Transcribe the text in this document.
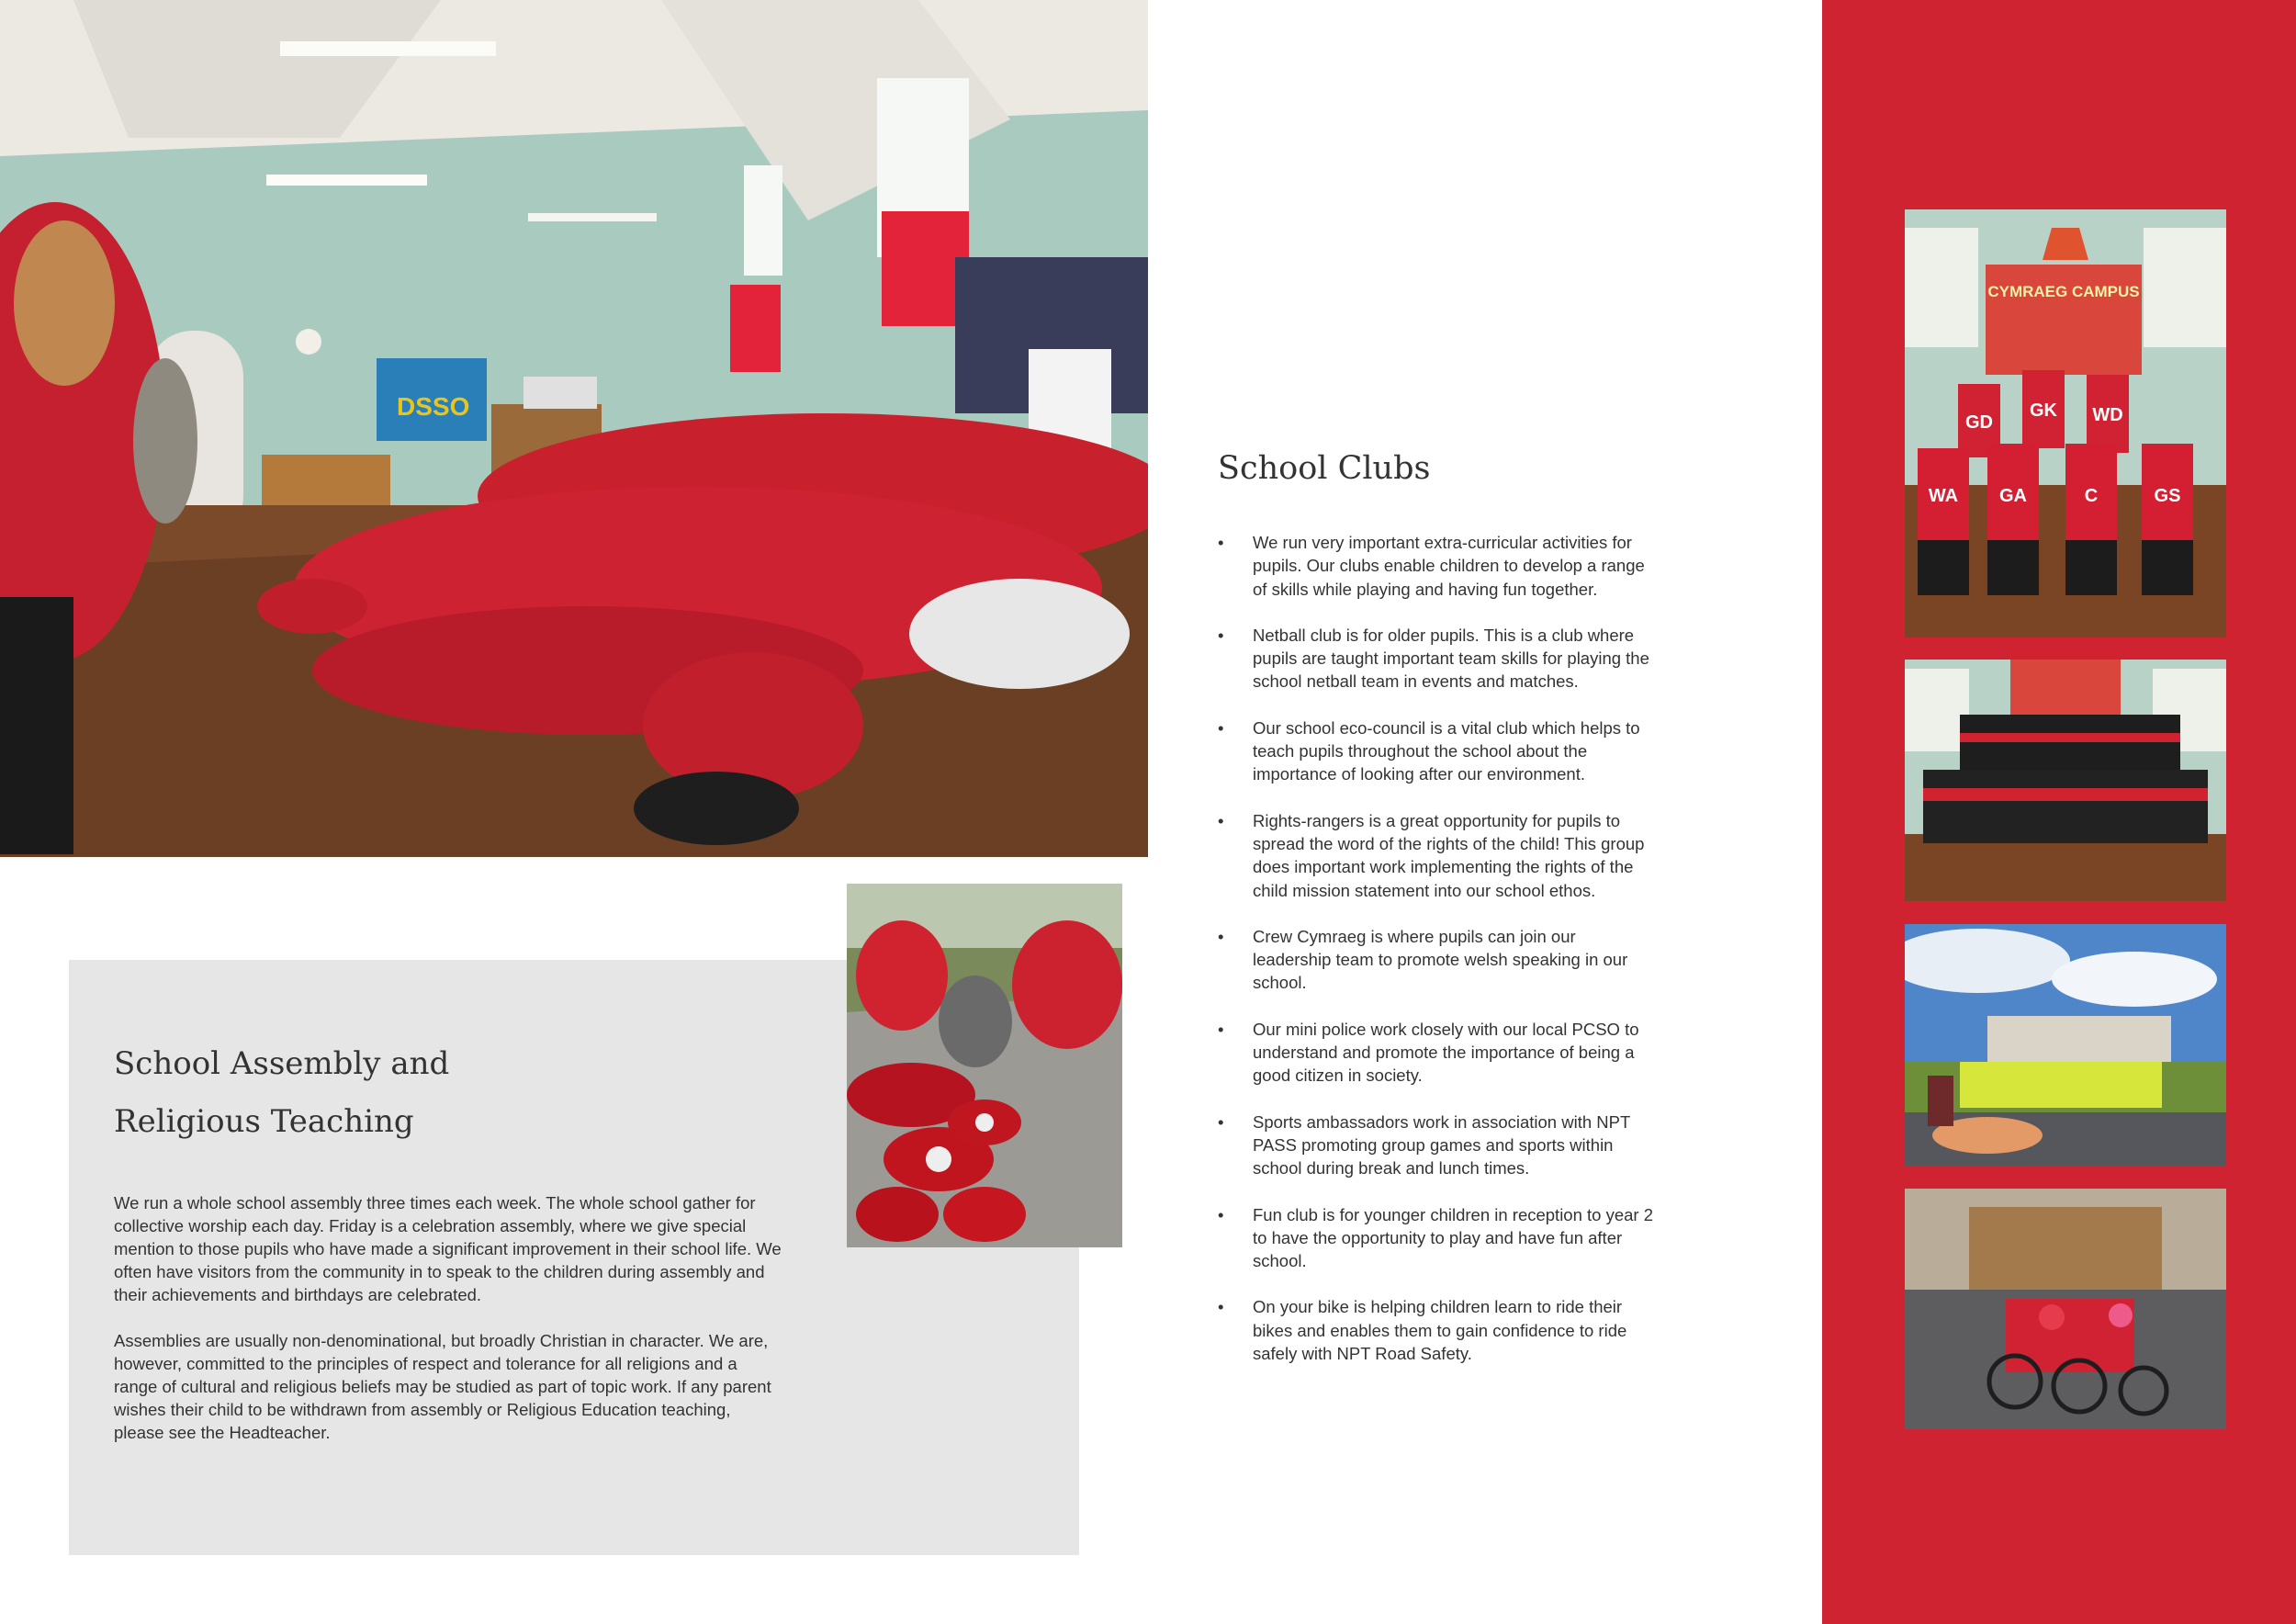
DSSO
School Assembly and
Religious Teaching

We run a whole school assembly three times each week. The whole school gather for collective worship each day. Friday is a celebration assembly, where we give special mention to those pupils who have made a significant improvement in their school life. We often have visitors from the community in to speak to the children during assembly and their achievements and birthdays are celebrated.

Assemblies are usually non-denominational, but broadly Christian in character. We are, however, committed to the principles of respect and tolerance for all religions and a range of cultural and religious beliefs may be studied as part of topic work. If any parent wishes their child to be withdrawn from assembly or Religious Education teaching, please see the Headteacher.

School Clubs
• We run very important extra-curricular activities for pupils. Our clubs enable children to develop a range of skills while playing and having fun together.
• Netball club is for older pupils. This is a club where pupils are taught important team skills for playing the school netball team in events and matches.
• Our school eco-council is a vital club which helps to teach pupils throughout the school about the importance of looking after our environment.
• Rights-rangers is a great opportunity for pupils to spread the word of the rights of the child! This group does important work implementing the rights of the child mission statement into our school ethos.
• Crew Cymraeg is where pupils can join our leadership team to promote welsh speaking in our school.
• Our mini police work closely with our local PCSO to understand and promote the importance of being a good citizen in society.
• Sports ambassadors work in association with NPT PASS promoting group games and sports within school during break and lunch times.
• Fun club is for younger children in reception to year 2 to have the opportunity to play and have fun after school.
• On your bike is helping children learn to ride their bikes and enables them to gain confidence to ride safely with NPT Road Safety.
CYMRAEG CAMPUS
GD
GK WD
WA GA	C	GS
